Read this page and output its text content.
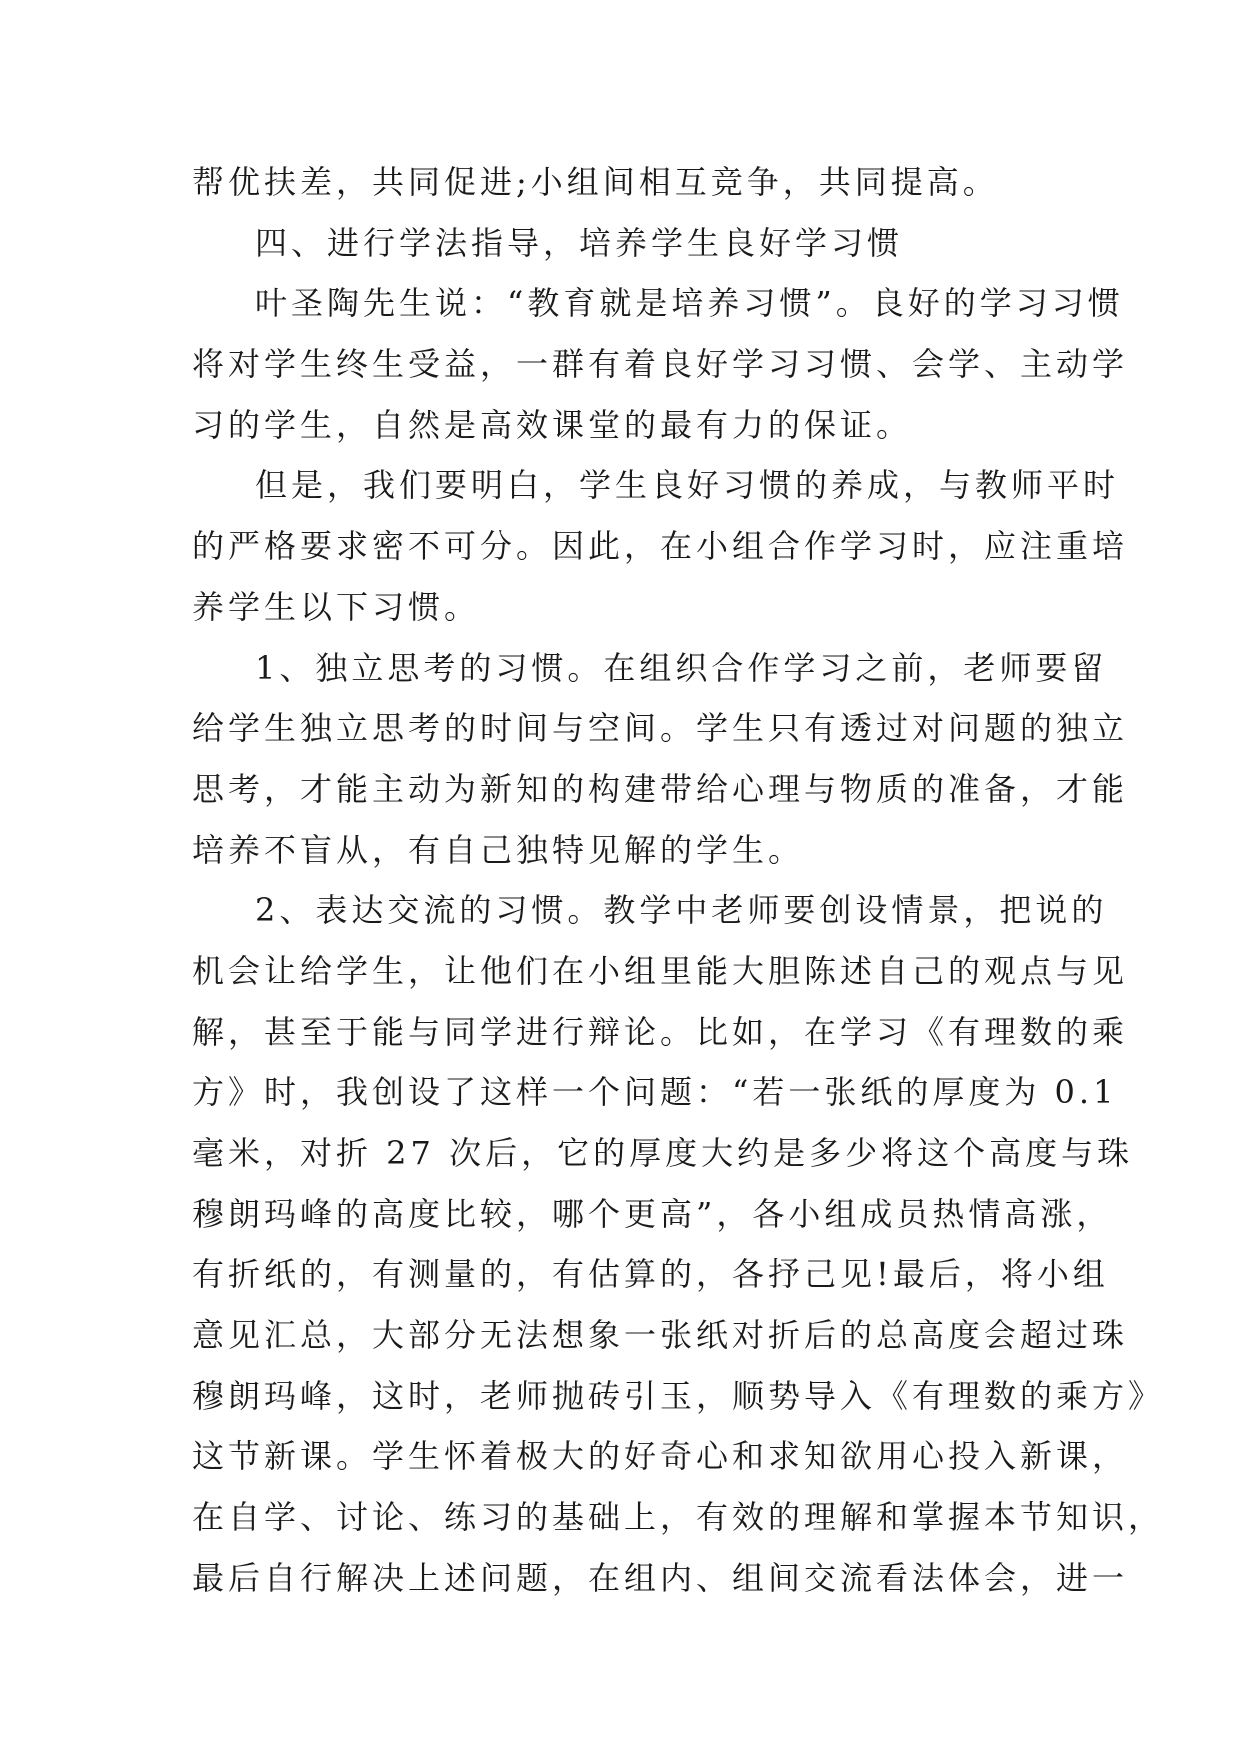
帮优扶差，共同促进;小组间相互竞争，共同提高。
四、进行学法指导，培养学生良好学习惯
叶圣陶先生说：“教育就是培养习惯”。良好的学习习惯
将对学生终生受益，一群有着良好学习习惯、会学、主动学
习的学生，自然是高效课堂的最有力的保证。
但是，我们要明白，学生良好习惯的养成，与教师平时
的严格要求密不可分。因此，在小组合作学习时，应注重培
养学生以下习惯。
1、独立思考的习惯。在组织合作学习之前，老师要留
给学生独立思考的时间与空间。学生只有透过对问题的独立
思考，才能主动为新知的构建带给心理与物质的准备，才能
培养不盲从，有自己独特见解的学生。
2、表达交流的习惯。教学中老师要创设情景，把说的
机会让给学生，让他们在小组里能大胆陈述自己的观点与见
解，甚至于能与同学进行辩论。比如，在学习《有理数的乘
方》时，我创设了这样一个问题：“若一张纸的厚度为 0.1
毫米，对折 27 次后，它的厚度大约是多少将这个高度与珠
穆朗玛峰的高度比较，哪个更高”，各小组成员热情高涨，
有折纸的，有测量的，有估算的，各抒己见!最后，将小组
意见汇总，大部分无法想象一张纸对折后的总高度会超过珠
穆朗玛峰，这时，老师抛砖引玉，顺势导入《有理数的乘方》
这节新课。学生怀着极大的好奇心和求知欲用心投入新课，
在自学、讨论、练习的基础上，有效的理解和掌握本节知识，
最后自行解决上述问题，在组内、组间交流看法体会，进一
